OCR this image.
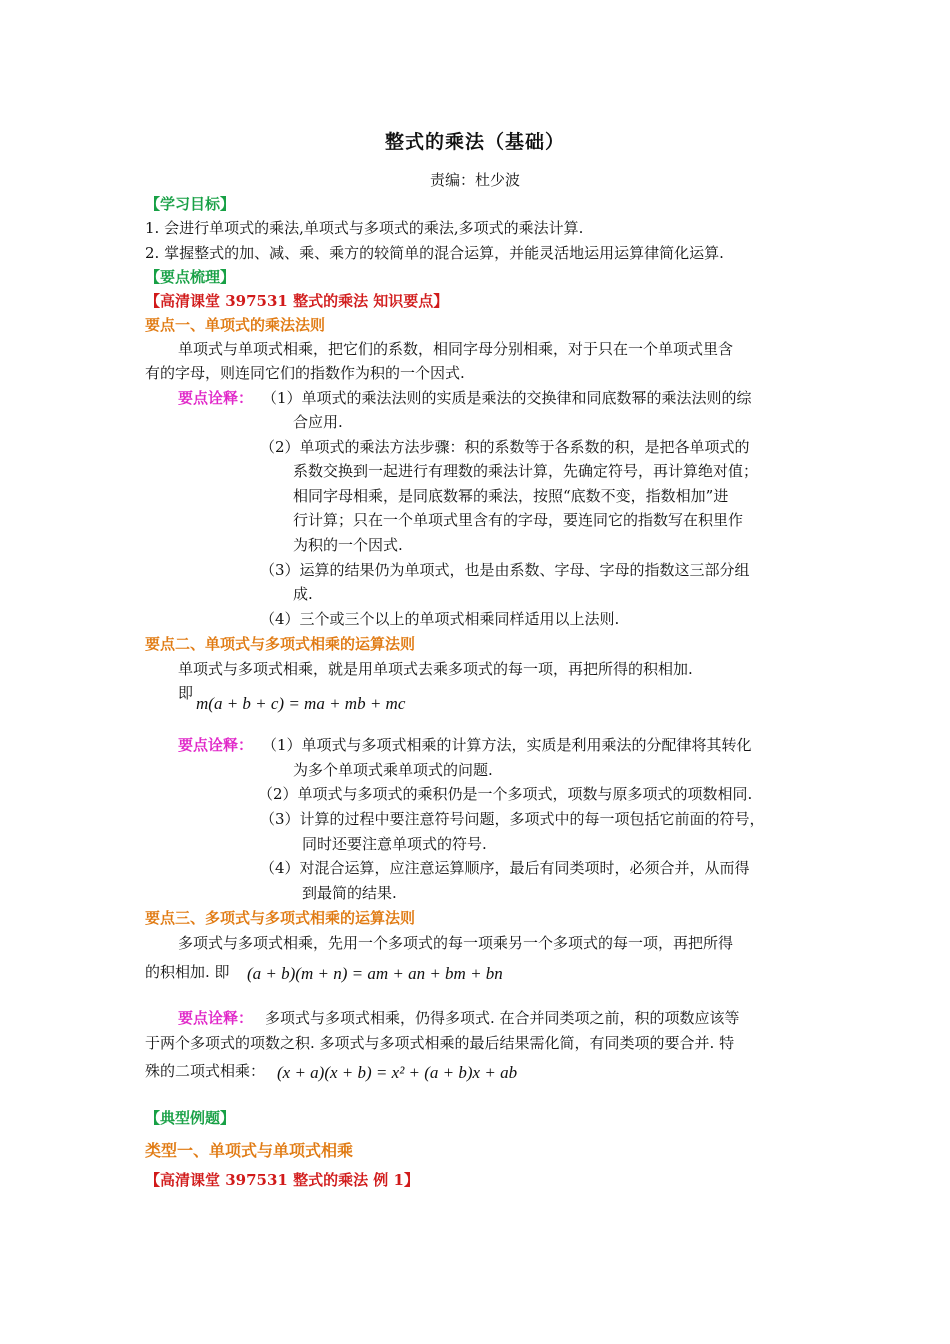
整式的乘法（基础）
责编：杜少波
【学习目标】
1. 会进行单项式的乘法,单项式与多项式的乘法,多项式的乘法计算.
2. 掌握整式的加、减、乘、乘方的较简单的混合运算，并能灵活地运用运算律简化运算.
【要点梳理】
【高清课堂 397531 整式的乘法 知识要点】
要点一、单项式的乘法法则
单项式与单项式相乘，把它们的系数，相同字母分别相乘，对于只在一个单项式里含
有的字母，则连同它们的指数作为积的一个因式.
要点诠释： （1）单项式的乘法法则的实质是乘法的交换律和同底数幂的乘法法则的综
合应用.
（2）单项式的乘法方法步骤：积的系数等于各系数的积，是把各单项式的
系数交换到一起进行有理数的乘法计算，先确定符号，再计算绝对值；
相同字母相乘，是同底数幂的乘法，按照“底数不变，指数相加”进
行计算；只在一个单项式里含有的字母，要连同它的指数写在积里作
为积的一个因式.
（3）运算的结果仍为单项式，也是由系数、字母、字母的指数这三部分组
成.
（4）三个或三个以上的单项式相乘同样适用以上法则.
要点二、单项式与多项式相乘的运算法则
单项式与多项式相乘，就是用单项式去乘多项式的每一项，再把所得的积相加.
即
m(a + b + c) = ma + mb + mc
要点诠释： （1）单项式与多项式相乘的计算方法，实质是利用乘法的分配律将其转化
为多个单项式乘单项式的问题.
（2）单项式与多项式的乘积仍是一个多项式，项数与原多项式的项数相同.
（3）计算的过程中要注意符号问题，多项式中的每一项包括它前面的符号，
同时还要注意单项式的符号.
（4）对混合运算，应注意运算顺序，最后有同类项时，必须合并，从而得
到最简的结果.
要点三、多项式与多项式相乘的运算法则
多项式与多项式相乘，先用一个多项式的每一项乘另一个多项式的每一项，再把所得
的积相加. 即 (a + b)(m + n) = am + an + bm + bn
要点诠释： 多项式与多项式相乘，仍得多项式. 在合并同类项之前，积的项数应该等
于两个多项式的项数之积. 多项式与多项式相乘的最后结果需化简，有同类项的要合并. 特
殊的二项式相乘： (x + a)(x + b) = x² + (a + b)x + ab
【典型例题】
类型一、单项式与单项式相乘
【高清课堂 397531 整式的乘法 例 1】
